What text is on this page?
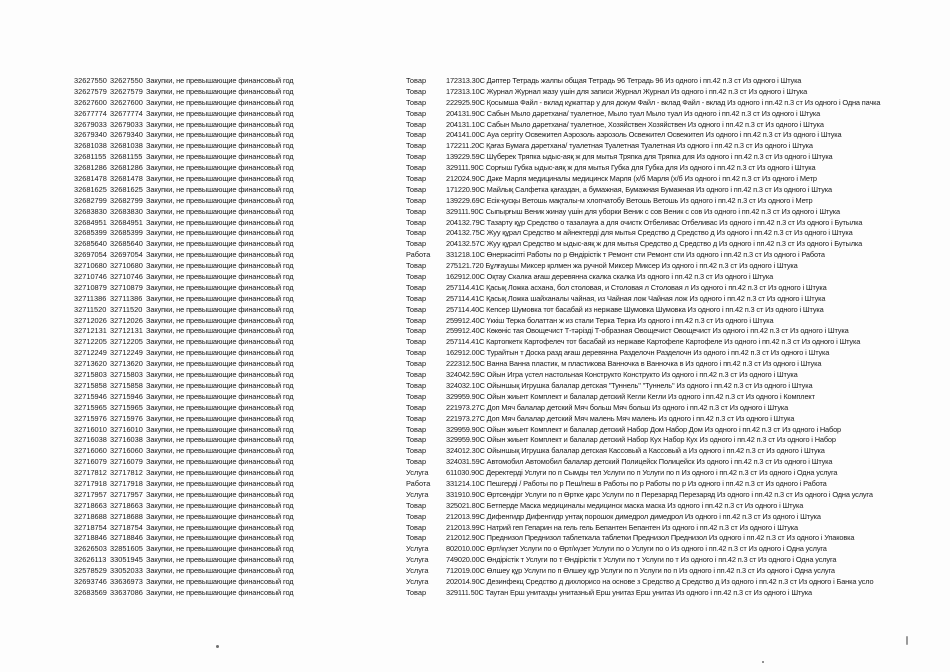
32627550 32627550 Закупки, не превышающие финансовый год	Товар	172313.30С Дәптер Тетрадь жалпы общая Тетрадь 96 Тетрадь 96 Из одного і пп.42 п.3 ст Из одного і Штука
32627579 32627579 Закупки, не превышающие финансовый год	Товар	172313.10С Журнал Журнал жазу үшін для записи Журнал Журнал Из одного і пп.42 п.3 ст Из одного і Штука
32627600 32627600 Закупки, не превышающие финансовый год	Товар	222925.90С Қосымша Файл - вклад кұжаттар у для докум Файл - вклад Файл - вклад Из одного і пп.42 п.3 ст Из одного і Одна пачка
32677774 32677774 Закупки, не превышающие финансовый год	Товар	204131.90С Сабын Мыло дәретхана/ туалетное, Мыло туал Мыло туал Из одного і пп.42 п.3 ст Из одного і Штука
32679033 32679033 Закупки, не превышающие финансовый год	Товар	204131.10С Сабын Мыло дәретхана/ туалетное, Хозяйствен Хозяйствен Из одного і пп.42 п.3 ст Из одного і Штука
32679340 32679340 Закупки, не превышающие финансовый год	Товар	204141.00С Ауа сергіту Освежител Аэрозоль аэрозоль Освежител Освежител Из одного і пп.42 п.3 ст Из одного і Штука
32681038 32681038 Закупки, не превышающие финансовый год	Товар	172211.20С Қағаз Бумага дәретхана/ туалетная Туалетная Туалетная Из одного і пп.42 п.3 ст Из одного і Штука
32681155 32681155 Закупки, не превышающие финансовый год	Товар	139229.59С Шүберек Тряпка ыдыс-аяқ ж для мытья Тряпка для Тряпка для Из одного і пп.42 п.3 ст Из одного і Штука
32681286 32681286 Закупки, не превышающие финансовый год	Товар	329111.90С Сорғыш Губка ыдыс-аяқ ж для мытья Губка для Губка для Из одного і пп.42 п.3 ст Из одного і Штука
32681478 32681478 Закупки, не превышающие финансовый год	Товар	212024.90С Дәке Марля медициналы медицинск Марля (х/б Марля (х/б Из одного і пп.42 п.3 ст Из одного і Метр
32681625 32681625 Закупки, не превышающие финансовый год	Товар	171220.90С Майлық Салфетка қағаздан, а бумажная, Бумажная Бумажная Из одного і пп.42 п.3 ст Из одного і Штука
32682799 32682799 Закупки, не превышающие финансовый год	Товар	139229.69С Есік-қусқы Ветошь мақталы-м хлопчатобу Ветошь Ветошь Из одного і пп.42 п.3 ст Из одного і Метр
32683830 32683830 Закупки, не превышающие финансовый год	Товар	329111.90С Сыпырғыш Веник жинау үшін для уборки Веник с сов Веник с сов Из одного і пп.42 п.3 ст Из одного і Штука
32684951 32684951 Закупки, не превышающие финансовый год	Товар	204132.79С Тазарту құр Средство о тазалауға а для очистк Отбеливас Отбеливас Из одного і пп.42 п.3 ст Из одного і Бутылка
32685399 32685399 Закупки, не превышающие финансовый год	Товар	204132.75С Жуу құрал Средство м айнектерді для мытья Средство д Средство д Из одного і пп.42 п.3 ст Из одного і Штука
32685640 32685640 Закупки, не превышающие финансовый год	Товар	204132.57С Жуу құрал Средство м ыдыс-аяқ ж для мытья Средство д Средство д Из одного і пп.42 п.3 ст Из одного і Бутылка
32697054 32697054 Закупки, не превышающие финансовый год	Работа	331218.10С Өнеркәсіпті Работы по р Өндірістік т Ремонт сти Ремонт сти Из одного і пп.42 п.3 ст Из одного і Работа
32710680 32710680 Закупки, не превышающие финансовый год	Товар	275121.720 Бұлғаушы Миксер қолмен жа ручной Миксер Миксер Из одного і пп.42 п.3 ст Из одного і Штука
32710746 32710746 Закупки, не превышающие финансовый год	Товар	162912.00С Оқтау Скалка ағаш деревянна скалка скалка Из одного і пп.42 п.3 ст Из одного і Штука
32710879 32710879 Закупки, не превышающие финансовый год	Товар	257114.41С Қасық Ложка асхана, бол столовая, и Столовая л Столовая л Из одного і пп.42 п.3 ст Из одного і Штука
32711386 32711386 Закупки, не превышающие финансовый год	Товар	257114.41С Қасық Ложка шайханалы чайная, из Чайная лож Чайная лож Из одного і пп.42 п.3 ст Из одного і Штука
32711520 32711520 Закупки, не превышающие финансовый год	Товар	257114.40С Кепсер Шумовка тот басабай из нержаве Шумовка Шумовка Из одного і пп.42 п.3 ст Из одного і Штука
32712026 32712026 Закупки, не превышающие финансовый год	Товар	259912.40С Үккіш Терка болаттан ж из стали Терка Терка Из одного і пп.42 п.3 ст Из одного і Штука
32712131 32712131 Закупки, не превышающие финансовый год	Товар	259912.40С Көкөніс тая Овощечист Т-тәрізді Т-образная Овощечист Овощечист Из одного і пп.42 п.3 ст Из одного і Штука
32712205 32712205 Закупки, не превышающие финансовый год	Товар	257114.41С Картопкетк Картофелеч тот басабай из нержаве Картофеле Картофеле Из одного і пп.42 п.3 ст Из одного і Штука
32712249 32712249 Закупки, не превышающие финансовый год	Товар	162912.00С Турайтын т Доска разд ағаш деревянна Разделочн Разделочн Из одного і пп.42 п.3 ст Из одного і Штука
32713620 32713620 Закупки, не превышающие финансовый год	Товар	222312.50С Ванна Ванна пластик, м пластикова Ванночка в Ванночка в Из одного і пп.42 п.3 ст Из одного і Штука
32715803 32715803 Закупки, не превышающие финансовый год	Товар	324042.59С Ойын Игра үстел настольная Конструкто Конструкто Из одного і пп.42 п.3 ст Из одного і Штука
32715858 32715858 Закупки, не превышающие финансовый год	Товар	324032.10С Ойыншық Игрушка балалар детская "Туннель" "Туннель" Из одного і пп.42 п.3 ст Из одного і Штука
32715946 32715946 Закупки, не превышающие финансовый год	Товар	329959.90С Ойын жиынт Комплект и балалар детский Кегли Кегли Из одного і пп.42 п.3 ст Из одного і Комплект
32715965 32715965 Закупки, не превышающие финансовый год	Товар	221973.27С Доп Мяч балалар детский Мяч больш Мяч больш Из одного і пп.42 п.3 ст Из одного і Штука
32715976 32715976 Закупки, не превышающие финансовый год	Товар	221973.27С Доп Мяч балалар детский Мяч малень Мяч малень Из одного і пп.42 п.3 ст Из одного і Штука
32716010 32716010 Закупки, не превышающие финансовый год	Товар	329959.90С Ойын жиынт Комплект и балалар детский Набор Дом Набор Дом Из одного і пп.42 п.3 ст Из одного і Набор
32716038 32716038 Закупки, не превышающие финансовый год	Товар	329959.90С Ойын жиынт Комплект и балалар детский Набор Кух Набор Кух Из одного і пп.42 п.3 ст Из одного і Набор
32716060 32716060 Закупки, не превышающие финансовый год	Товар	324012.30С Ойыншық Игрушка балалар детская Кассовый а Кассовый а Из одного і пп.42 п.3 ст Из одного і Штука
32716079 32716079 Закупки, не превышающие финансовый год	Товар	324031.59С Автомобил Автомобил балалар детский Полицейск Полицейск Из одного і пп.42 п.3 ст Из одного і Штука
32717812 32717812 Закупки, не превышающие финансовый год	Услуга	611030.90С Деректерді Услуги по п Сымды тел Услуги по п Услуги по п Из одного і пп.42 п.3 ст Из одного і Одна услуга
32717918 32717918 Закупки, не превышающие финансовый год	Работа	331214.10С Пешгерді / Работы по р Пеш/пеш в Работы по р Работы по р Из одного і пп.42 п.3 ст Из одного і Работа
32717957 32717957 Закупки, не превышающие финансовый год	Услуга	331910.90С Өртсөндірг Услуги по п Өртке қарс Услуги по п Перезаряд Перезаряд Из одного і пп.42 п.3 ст Из одного і Одна услуга
32718663 32718663 Закупки, не превышающие финансовый год	Товар	325021.80С Бетперде Маска медициналы медицинск маска маска Из одного і пп.42 п.3 ст Из одного і Штука
32718688 32718688 Закупки, не превышающие финансовый год	Товар	212013.99С Дифенгидр Дифенгидр унтақ порошок димедрол димедрол Из одного і пп.42 п.3 ст Из одного і Штука
32718754 32718754 Закупки, не превышающие финансовый год	Товар	212013.99С Натрий геп Гепарин на гель гель Бепантен Бепантен Из одного і пп.42 п.3 ст Из одного і Штука
32718846 32718846 Закупки, не превышающие финансовый год	Товар	212012.90С Преднизол Преднизол таблеткала таблетки Преднизол Преднизол Из одного і пп.42 п.3 ст Из одного і Упаковка
32626503 32851605 Закупки, не превышающие финансовый год	Услуга	802010.00С Өрт/күзет Услуги по о Өрт/күзет Услуги по о Услуги по о Из одного і пп.42 п.3 ст Из одного і Одна услуга
32626113 33051945 Закупки, не превышающие финансовый год	Услуга	749020.00С Өндірістік т Услуги по т Өндірістік т Услуги по т Услуги по т Из одного і пп.42 п.3 ст Из одного і Одна услуга
32578529 33052033 Закупки, не превышающие финансовый год	Услуга	712019.00С Өлшеу құр Услуги по п Өлшеу құр Услуги по п Услуги по п Из одного і пп.42 п.3 ст Из одного і Одна услуга
32693746 33636973 Закупки, не превышающие финансовый год	Услуга	202014.90С Дезинфекц Средство д дихлорисо на основе з Средство д Средство д Из одного і пп.42 п.3 ст Из одного і Банка усло
32683569 33637086 Закупки, не превышающие финансовый год	Товар	329111.50С Таутан Ерш унитазды унитазный Ерш унитаз Ерш унитаз Из одного і пп.42 п.3 ст Из одного і Штука
